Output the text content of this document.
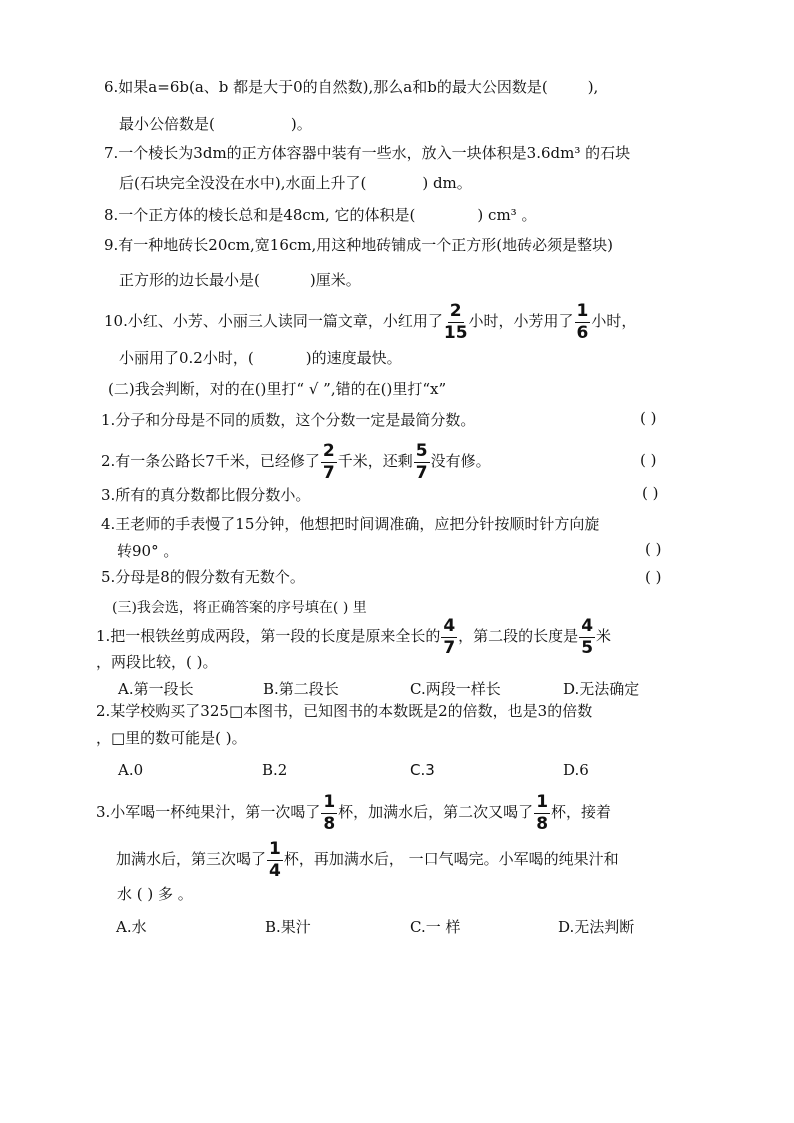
6.如果a=6b(a、b 都是大于0的自然数),那么a和b的最大公因数是(	),
最小公倍数是(	)。
7.一个棱长为3dm的正方体容器中装有一些水，放入一块体积是3.6dm³ 的石块
后(石块完全没没在水中),水面上升了(	) dm。
8.一个正方体的棱长总和是48cm, 它的体积是(	) cm³ 。
9.有一种地砖长20cm,宽16cm,用这种地砖铺成一个正方形(地砖必须是整块)
正方形的边长最小是(	)厘米。
10.小红、小芳、小丽三人读同一篇文章，小红用了 $\frac{2}{15}$ 小时，小芳用了 $\frac{1}{6}$ 小时，
小丽用了0.2小时，(	)的速度最快。
(二)我会判断，对的在()里打“ √ ”,错的在()里打“x”
1.分子和分母是不同的质数，这个分数一定是最简分数。	( )
2.有一条公路长7千米，已经修了 $\frac{2}{7}$ 千米，还剩 $\frac{5}{7}$ 没有修。	( )
3.所有的真分数都比假分数小。	( )
4.王老师的手表慢了15分钟，他想把时间调准确，应把分针按顺时针方向旋
转90° 。	( )
5.分母是8的假分数有无数个。	( )
(三)我会选，将正确答案的序号填在( ) 里
1.把一根铁丝剪成两段，第一段的长度是原来全长的 $\frac{4}{7}$ ，第二段的长度是 $\frac{4}{5}$ 米
，两段比较，( )。
A.第一段长	B.第二段长	C.两段一样长	D.无法确定
2.某学校购买了325□本图书，已知图书的本数既是2的倍数，也是3的倍数
，□里的数可能是( )。
A.0	B.2	C.3	D.6
3.小军喝一杯纯果汁，第一次喝了 $\frac{1}{8}$ 杯，加满水后，第二次又喝了 $\frac{1}{8}$ 杯，接着
加满水后，第三次喝了 $\frac{1}{4}$ 杯，再加满水后， 一口气喝完。小军喝的纯果汁和
水 ( ) 多 。
A.水	B.果汁	C.一 样	D.无法判断
